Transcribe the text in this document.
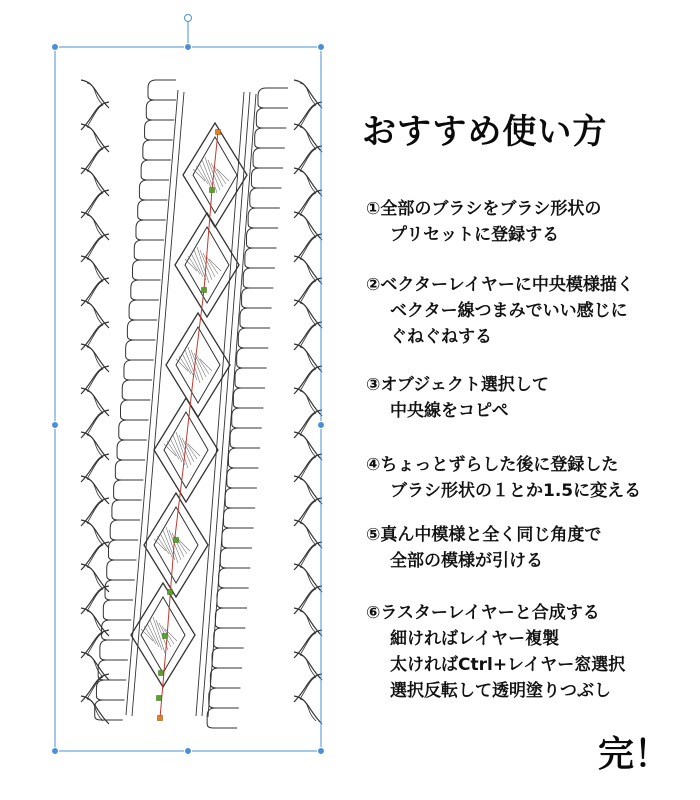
おすすめ使い方
①全部のブラシをブラシ形状の
プリセットに登録する
②ベクターレイヤーに中央模様描く
ベクター線つまみでいい感じに
ぐねぐねする
③オブジェクト選択して
中央線をコピペ
④ちょっとずらした後に登録した
ブラシ形状の１とか1.5に変える
⑤真ん中模様と全く同じ角度で
全部の模様が引ける
⑥ラスターレイヤーと合成する
細ければレイヤー複製
太ければCtrl+レイヤー窓選択
選択反転して透明塗りつぶし
完！
